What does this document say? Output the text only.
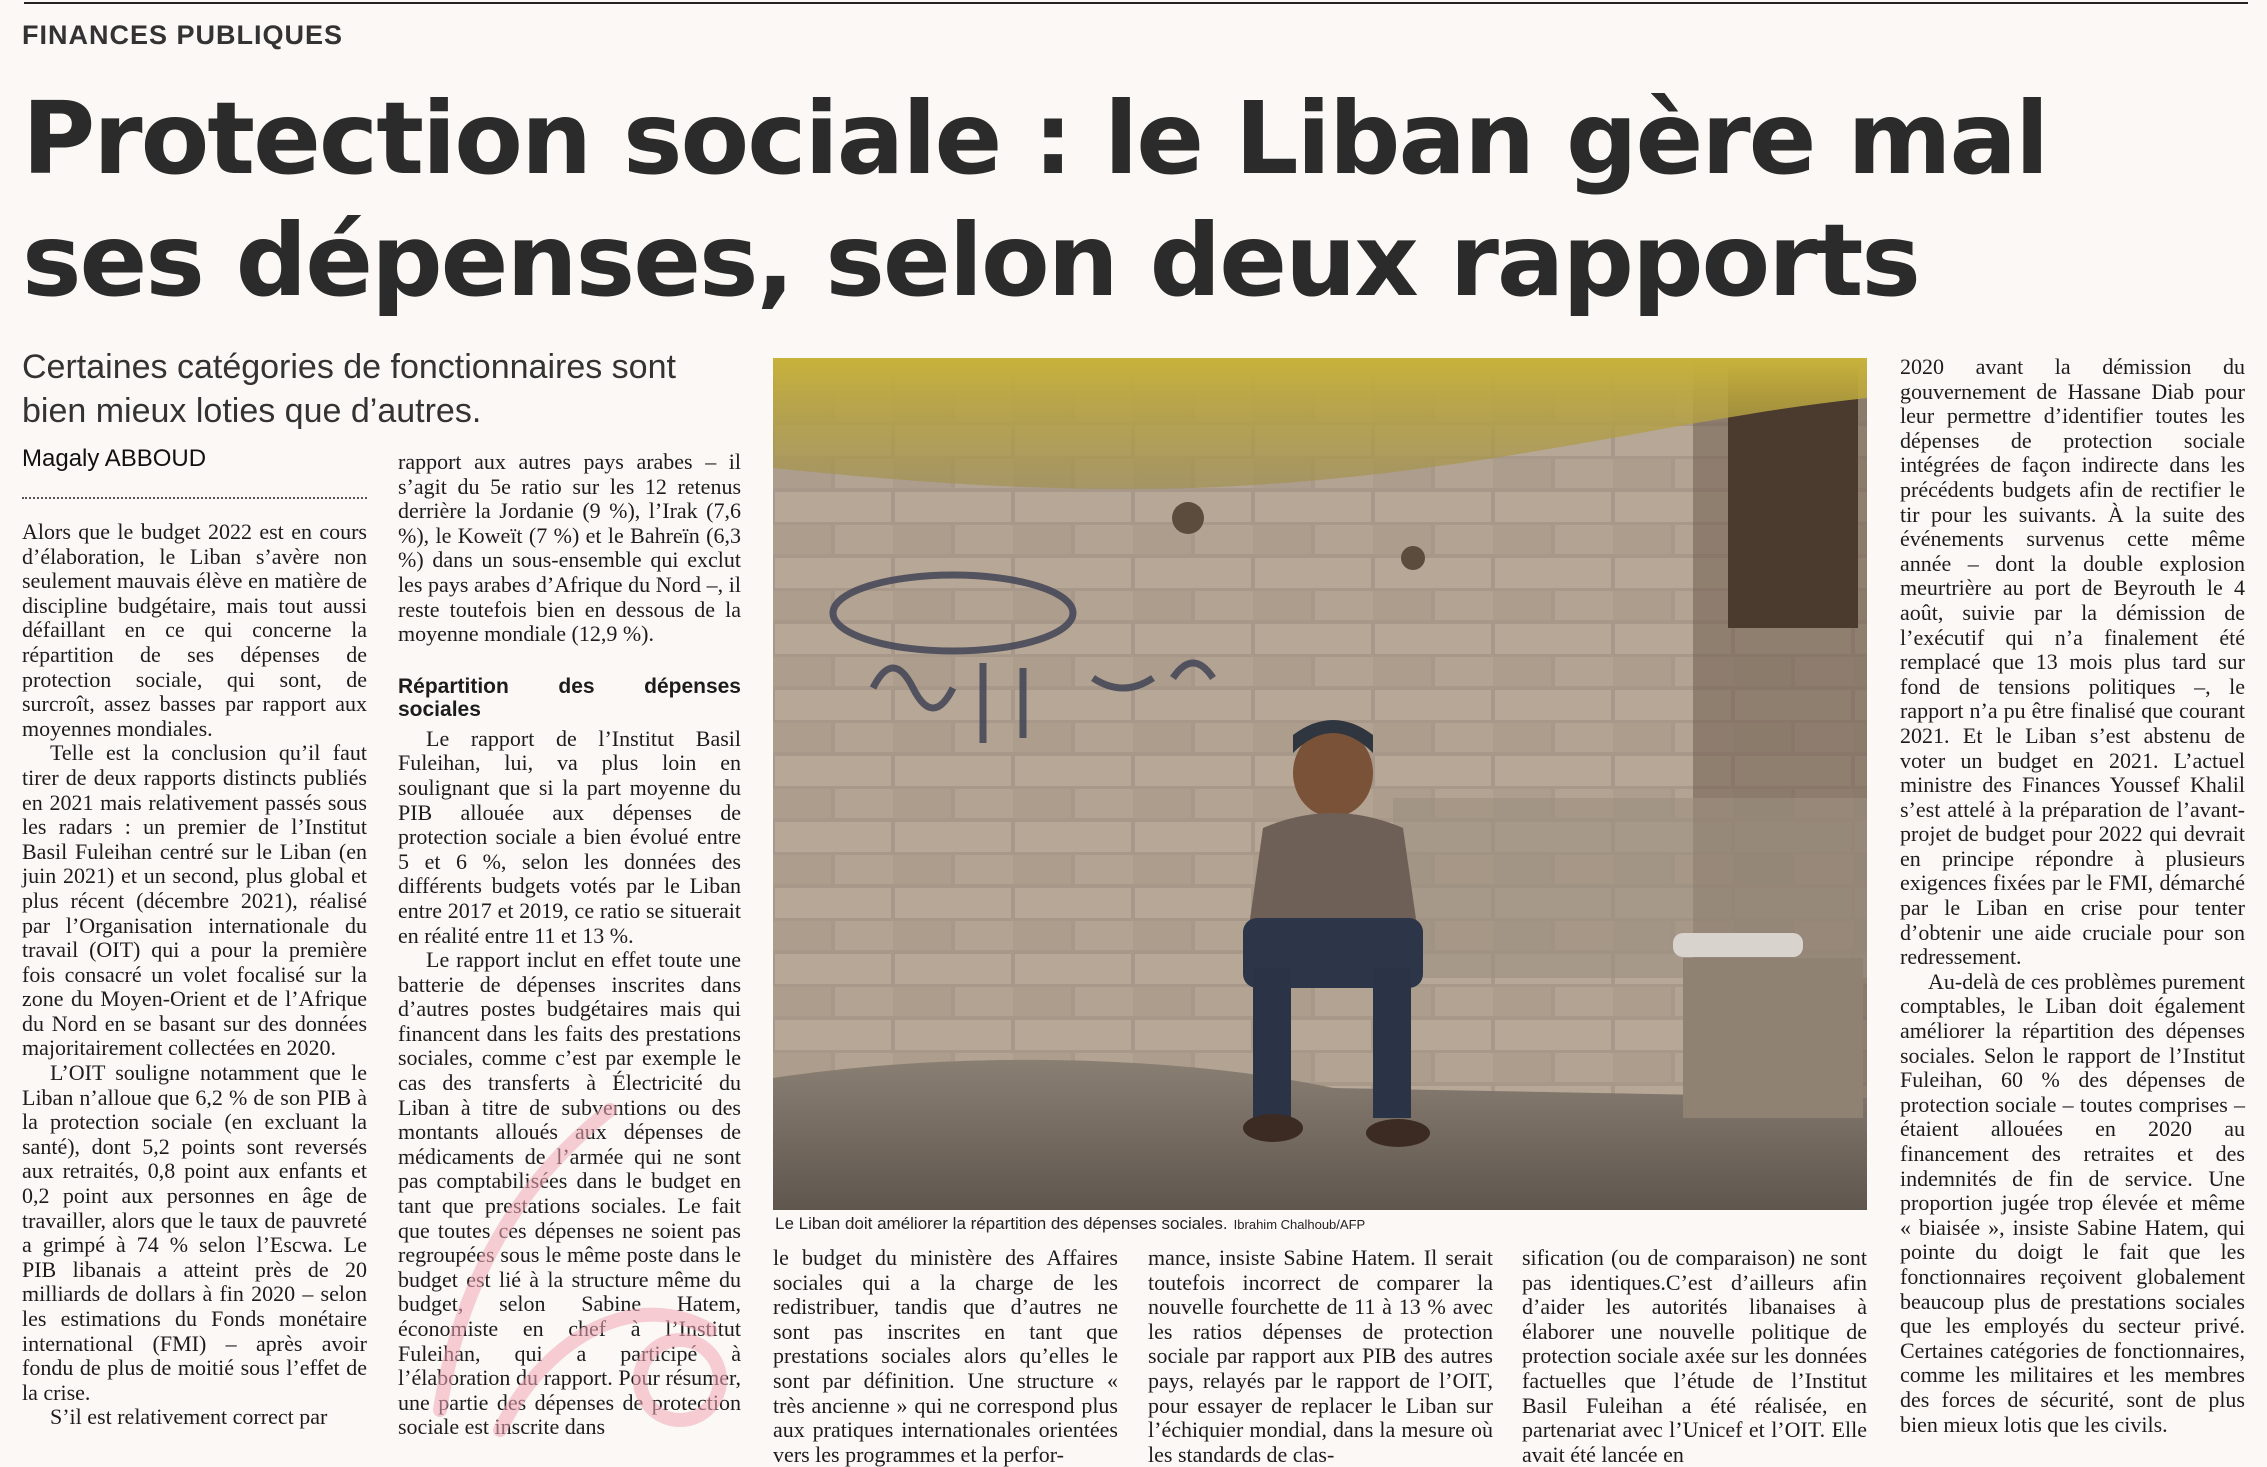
FINANCES PUBLIQUES
Protection sociale : le Liban gère mal ses dépenses, selon deux rapports
Certaines catégories de fonctionnaires sont bien mieux loties que d’autres.
Magaly ABBOUD

Alors que le budget 2022 est en cours d’élaboration, le Liban s’avère non seulement mauvais élève en matière de discipline budgétaire, mais tout aussi défaillant en ce qui concerne la répartition de ses dépenses de protection sociale, qui sont, de surcroît, assez basses par rapport aux moyennes mondiales.

Telle est la conclusion qu’il faut tirer de deux rapports distincts publiés en 2021 mais relativement passés sous les radars : un premier de l’Institut Basil Fuleihan centré sur le Liban (en juin 2021) et un second, plus global et plus récent (décembre 2021), réalisé par l’Organisation internationale du travail (OIT) qui a pour la première fois consacré un volet focalisé sur la zone du Moyen-Orient et de l’Afrique du Nord en se basant sur des données majoritairement collectées en 2020.

L’OIT souligne notamment que le Liban n’alloue que 6,2 % de son PIB à la protection sociale (en excluant la santé), dont 5,2 points sont reversés aux retraités, 0,8 point aux enfants et 0,2 point aux personnes en âge de travailler, alors que le taux de pauvreté a grimpé à 74 % selon l’Escwa. Le PIB libanais a atteint près de 20 milliards de dollars à fin 2020 – selon les estimations du Fonds monétaire international (FMI) – après avoir fondu de plus de moitié sous l’effet de la crise.

S’il est relativement correct par

rapport aux autres pays arabes – il s’agit du 5e ratio sur les 12 retenus derrière la Jordanie (9 %), l’Irak (7,6 %), le Koweït (7 %) et le Bahreïn (6,3 %) dans un sous-ensemble qui exclut les pays arabes d’Afrique du Nord –, il reste toutefois bien en dessous de la moyenne mondiale (12,9 %).

Répartition des dépenses sociales

Le rapport de l’Institut Basil Fuleihan, lui, va plus loin en soulignant que si la part moyenne du PIB allouée aux dépenses de protection sociale a bien évolué entre 5 et 6 %, selon les données des différents budgets votés par le Liban entre 2017 et 2019, ce ratio se situerait en réalité entre 11 et 13 %.

Le rapport inclut en effet toute une batterie de dépenses inscrites dans d’autres postes budgétaires mais qui financent dans les faits des prestations sociales, comme c’est par exemple le cas des transferts à Électricité du Liban à titre de subventions ou des montants alloués aux dépenses de médicaments de l’armée qui ne sont pas comptabilisées dans le budget en tant que prestations sociales. Le fait que toutes ces dépenses ne soient pas regroupées sous le même poste dans le budget est lié à la structure même du budget, selon Sabine Hatem, économiste en chef à l’Institut Fuleihan, qui a participé à l’élaboration du rapport. Pour résumer, une partie des dépenses de protection sociale est inscrite dans

Le Liban doit améliorer la répartition des dépenses sociales. Ibrahim Chalhoub/AFP

2020 avant la démission du gouvernement de Hassane Diab pour leur permettre d’identifier toutes les dépenses de protection sociale intégrées de façon indirecte dans les précédents budgets afin de rectifier le tir pour les suivants. À la suite des événements survenus cette même année – dont la double explosion meurtrière au port de Beyrouth le 4 août, suivie par la démission de l’exécutif qui n’a finalement été remplacé que 13 mois plus tard sur fond de tensions politiques –, le rapport n’a pu être finalisé que courant 2021. Et le Liban s’est abstenu de voter un budget en 2021. L’actuel ministre des Finances Youssef Khalil s’est attelé à la préparation de l’avant-projet de budget pour 2022 qui devrait en principe répondre à plusieurs exigences fixées par le FMI, démarché par le Liban en crise pour tenter d’obtenir une aide cruciale pour son redressement.

Au-delà de ces problèmes purement comptables, le Liban doit également améliorer la répartition des dépenses sociales. Selon le rapport de l’Institut Fuleihan, 60 % des dépenses de protection sociale – toutes comprises – étaient allouées en 2020 au financement des retraites et des indemnités de fin de service. Une proportion jugée trop élevée et même « biaisée », insiste Sabine Hatem, qui pointe du doigt le fait que les fonctionnaires reçoivent globalement beaucoup plus de prestations sociales que les employés du secteur privé. Certaines catégories de fonctionnaires, comme les militaires et les membres des forces de sécurité, sont de plus bien mieux lotis que les civils.

le budget du ministère des Affaires sociales qui a la charge de les redistribuer, tandis que d’autres ne sont pas inscrites en tant que prestations sociales alors qu’elles le sont par définition. Une structure « très ancienne » qui ne correspond plus aux pratiques internationales orientées vers les programmes et la perfor-

mance, insiste Sabine Hatem. Il serait toutefois incorrect de comparer la nouvelle fourchette de 11 à 13 % avec les ratios dépenses de protection sociale par rapport aux PIB des autres pays, relayés par le rapport de l’OIT, pour essayer de replacer le Liban sur l’échiquier mondial, dans la mesure où les standards de clas-

sification (ou de comparaison) ne sont pas identiques.C’est d’ailleurs afin d’aider les autorités libanaises à élaborer une nouvelle politique de protection sociale axée sur les données factuelles que l’étude de l’Institut Basil Fuleihan a été réalisée, en partenariat avec l’Unicef et l’OIT. Elle avait été lancée en
